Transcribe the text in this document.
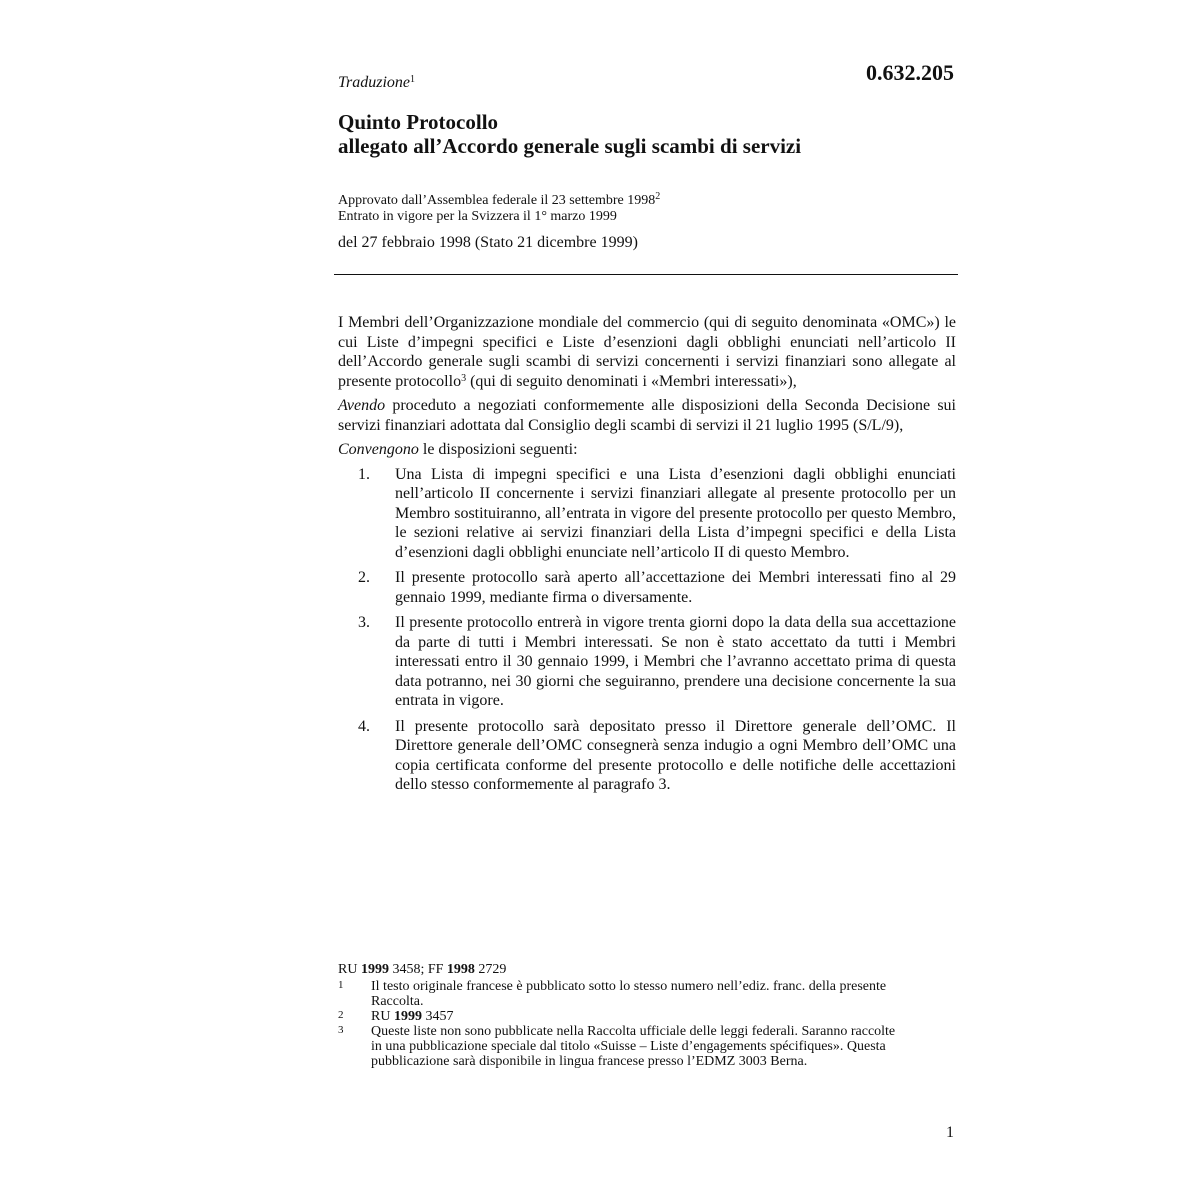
0.632.205
Traduzione$^1$
Quinto Protocollo
allegato all’Accordo generale sugli scambi di servizi
Approvato dall’Assemblea federale il 23 settembre 1998$^2$
Entrato in vigore per la Svizzera il 1° marzo 1999
del 27 febbraio 1998 (Stato 21 dicembre 1999)

I Membri dell’Organizzazione mondiale del commercio (qui di seguito denominata «OMC») le cui Liste d’impegni specifici e Liste d’esenzioni dagli obblighi enunciati nell’articolo II dell’Accordo generale sugli scambi di servizi concernenti i servizi finanziari sono allegate al presente protocollo$^3$ (qui di seguito denominati i «Membri interessati»),

Avendo proceduto a negoziati conformemente alle disposizioni della Seconda Decisione sui servizi finanziari adottata dal Consiglio degli scambi di servizi il 21 luglio 1995 (S/L/9),

Convengono le disposizioni seguenti:

1.	Una Lista di impegni specifici e una Lista d’esenzioni dagli obblighi enunciati nell’articolo II concernente i servizi finanziari allegate al presente protocollo per un Membro sostituiranno, all’entrata in vigore del presente protocollo per questo Membro, le sezioni relative ai servizi finanziari della Lista d’impegni specifici e della Lista d’esenzioni dagli obblighi enunciate nell’articolo II di questo Membro.
2.	Il presente protocollo sarà aperto all’accettazione dei Membri interessati fino al 29 gennaio 1999, mediante firma o diversamente.
3.	Il presente protocollo entrerà in vigore trenta giorni dopo la data della sua accettazione da parte di tutti i Membri interessati. Se non è stato accettato da tutti i Membri interessati entro il 30 gennaio 1999, i Membri che l’avranno accettato prima di questa data potranno, nei 30 giorni che seguiranno, prendere una decisione concernente la sua entrata in vigore.
4.	Il presente protocollo sarà depositato presso il Direttore generale dell’OMC. Il Direttore generale dell’OMC consegnerà senza indugio a ogni Membro dell’OMC una copia certificata conforme del presente protocollo e delle notifiche delle accettazioni dello stesso conformemente al paragrafo 3.
RU 1999 3458; FF 1998 2729
1	Il testo originale francese è pubblicato sotto lo stesso numero nell’ediz. franc. della presente Raccolta.
2	RU 1999 3457
3	Queste liste non sono pubblicate nella Raccolta ufficiale delle leggi federali. Saranno raccolte in una pubblicazione speciale dal titolo «Suisse – Liste d’engagements spécifiques». Questa pubblicazione sarà disponibile in lingua francese presso l’EDMZ 3003 Berna.
1
